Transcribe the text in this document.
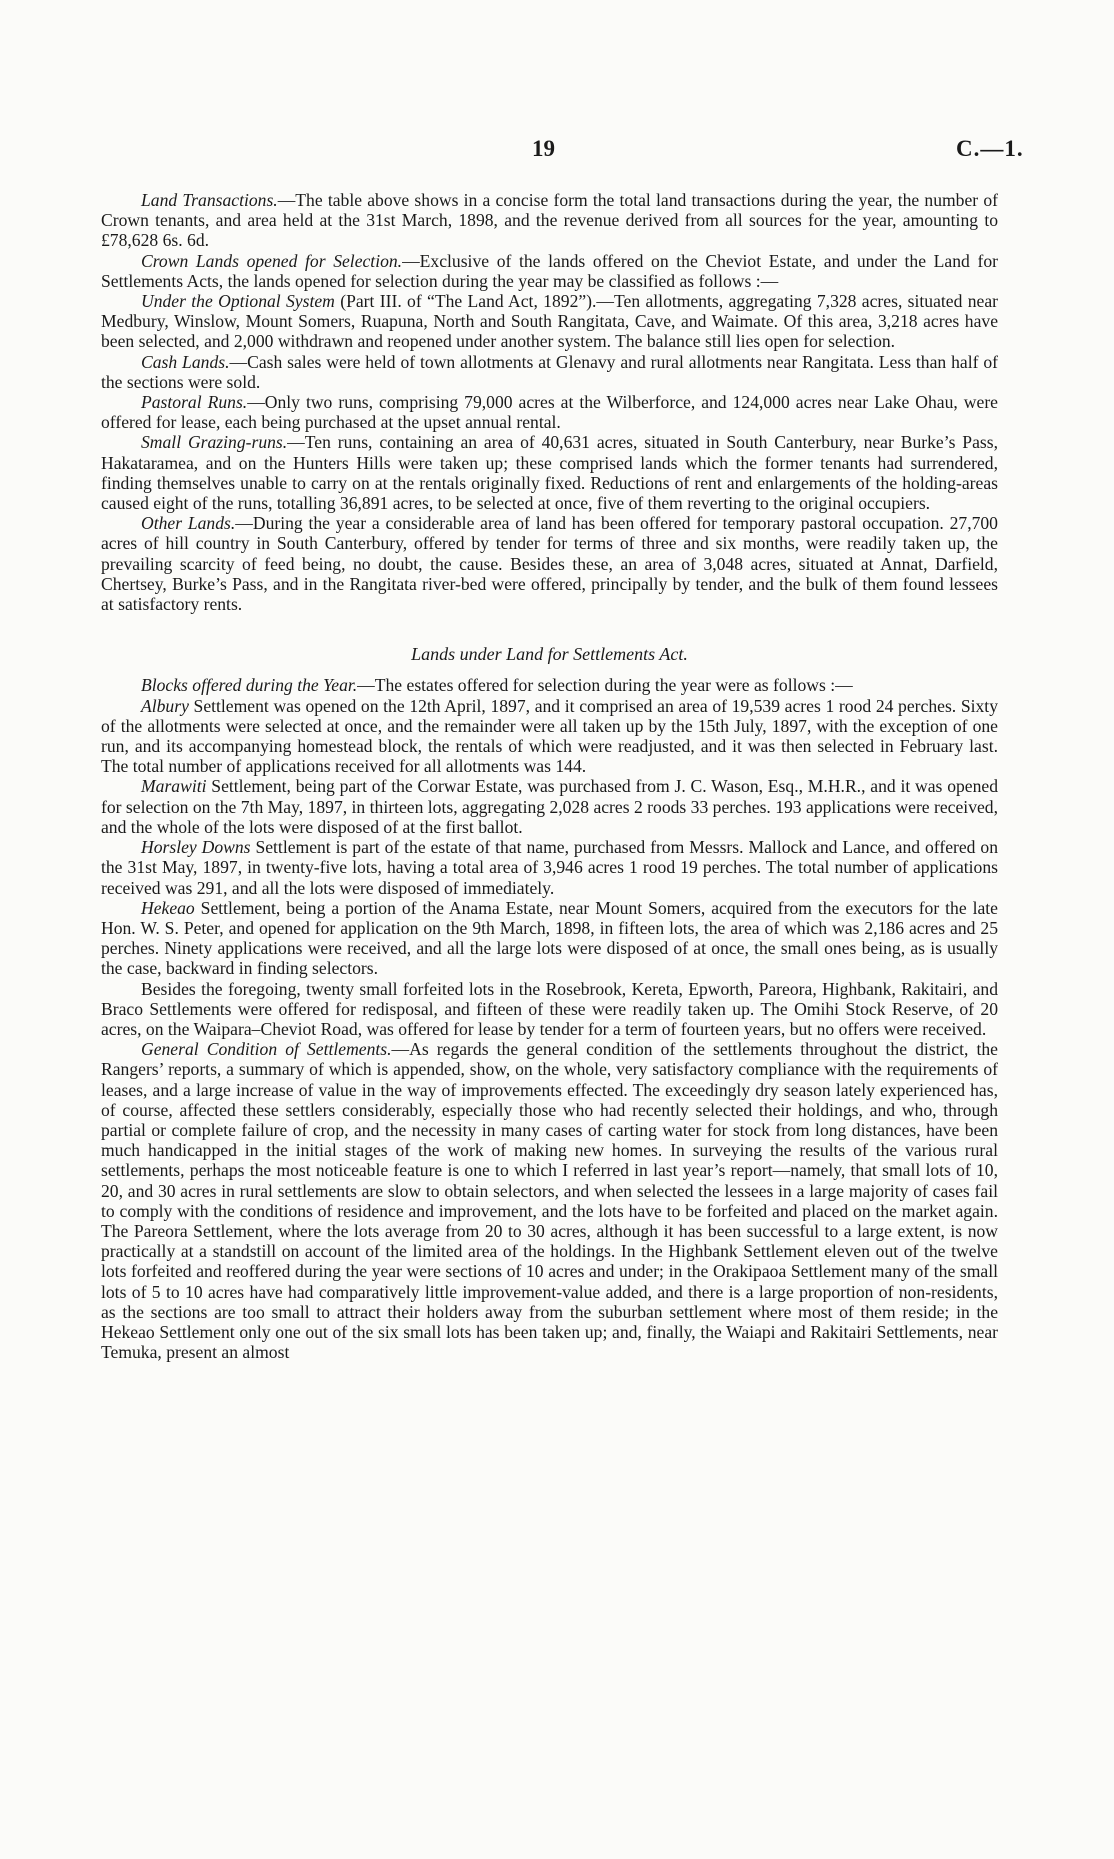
19	C.—1.

Land Transactions.—The table above shows in a concise form the total land transactions during the year, the number of Crown tenants, and area held at the 31st March, 1898, and the revenue derived from all sources for the year, amounting to £78,628 6s. 6d.

Crown Lands opened for Selection.—Exclusive of the lands offered on the Cheviot Estate, and under the Land for Settlements Acts, the lands opened for selection during the year may be classified as follows :—

Under the Optional System (Part III. of “The Land Act, 1892”).—Ten allotments, aggregating 7,328 acres, situated near Medbury, Winslow, Mount Somers, Ruapuna, North and South Rangitata, Cave, and Waimate. Of this area, 3,218 acres have been selected, and 2,000 withdrawn and reopened under another system. The balance still lies open for selection.

Cash Lands.—Cash sales were held of town allotments at Glenavy and rural allotments near Rangitata. Less than half of the sections were sold.

Pastoral Runs.—Only two runs, comprising 79,000 acres at the Wilberforce, and 124,000 acres near Lake Ohau, were offered for lease, each being purchased at the upset annual rental.

Small Grazing-runs.—Ten runs, containing an area of 40,631 acres, situated in South Canterbury, near Burke’s Pass, Hakataramea, and on the Hunters Hills were taken up; these comprised lands which the former tenants had surrendered, finding themselves unable to carry on at the rentals originally fixed. Reductions of rent and enlargements of the holding-areas caused eight of the runs, totalling 36,891 acres, to be selected at once, five of them reverting to the original occupiers.

Other Lands.—During the year a considerable area of land has been offered for temporary pastoral occupation. 27,700 acres of hill country in South Canterbury, offered by tender for terms of three and six months, were readily taken up, the prevailing scarcity of feed being, no doubt, the cause. Besides these, an area of 3,048 acres, situated at Annat, Darfield, Chertsey, Burke’s Pass, and in the Rangitata river-bed were offered, principally by tender, and the bulk of them found lessees at satisfactory rents.

Lands under Land for Settlements Act.

Blocks offered during the Year.—The estates offered for selection during the year were as follows :—

Albury Settlement was opened on the 12th April, 1897, and it comprised an area of 19,539 acres 1 rood 24 perches. Sixty of the allotments were selected at once, and the remainder were all taken up by the 15th July, 1897, with the exception of one run, and its accompanying homestead block, the rentals of which were readjusted, and it was then selected in February last. The total number of applications received for all allotments was 144.

Marawiti Settlement, being part of the Corwar Estate, was purchased from J. C. Wason, Esq., M.H.R., and it was opened for selection on the 7th May, 1897, in thirteen lots, aggregating 2,028 acres 2 roods 33 perches. 193 applications were received, and the whole of the lots were disposed of at the first ballot.

Horsley Downs Settlement is part of the estate of that name, purchased from Messrs. Mallock and Lance, and offered on the 31st May, 1897, in twenty-five lots, having a total area of 3,946 acres 1 rood 19 perches. The total number of applications received was 291, and all the lots were disposed of immediately.

Hekeao Settlement, being a portion of the Anama Estate, near Mount Somers, acquired from the executors for the late Hon. W. S. Peter, and opened for application on the 9th March, 1898, in fifteen lots, the area of which was 2,186 acres and 25 perches. Ninety applications were received, and all the large lots were disposed of at once, the small ones being, as is usually the case, backward in finding selectors.

Besides the foregoing, twenty small forfeited lots in the Rosebrook, Kereta, Epworth, Pareora, Highbank, Rakitairi, and Braco Settlements were offered for redisposal, and fifteen of these were readily taken up. The Omihi Stock Reserve, of 20 acres, on the Waipara–Cheviot Road, was offered for lease by tender for a term of fourteen years, but no offers were received.

General Condition of Settlements.—As regards the general condition of the settlements throughout the district, the Rangers’ reports, a summary of which is appended, show, on the whole, very satisfactory compliance with the requirements of leases, and a large increase of value in the way of improvements effected. The exceedingly dry season lately experienced has, of course, affected these settlers considerably, especially those who had recently selected their holdings, and who, through partial or complete failure of crop, and the necessity in many cases of carting water for stock from long distances, have been much handicapped in the initial stages of the work of making new homes. In surveying the results of the various rural settlements, perhaps the most noticeable feature is one to which I referred in last year’s report—namely, that small lots of 10, 20, and 30 acres in rural settlements are slow to obtain selectors, and when selected the lessees in a large majority of cases fail to comply with the conditions of residence and improvement, and the lots have to be forfeited and placed on the market again. The Pareora Settlement, where the lots average from 20 to 30 acres, although it has been successful to a large extent, is now practically at a standstill on account of the limited area of the holdings. In the Highbank Settlement eleven out of the twelve lots forfeited and reoffered during the year were sections of 10 acres and under; in the Orakipaoa Settlement many of the small lots of 5 to 10 acres have had comparatively little improvement-value added, and there is a large proportion of non-residents, as the sections are too small to attract their holders away from the suburban settlement where most of them reside; in the Hekeao Settlement only one out of the six small lots has been taken up; and, finally, the Waiapi and Rakitairi Settlements, near Temuka, present an almost
